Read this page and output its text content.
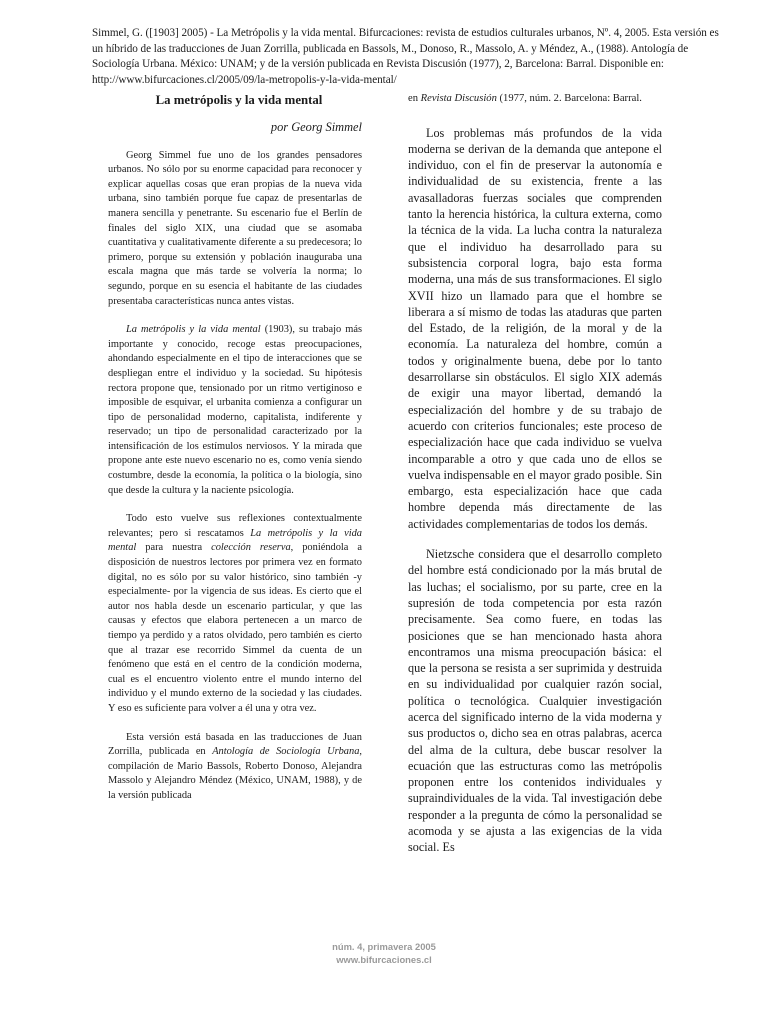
Simmel, G. ([1903] 2005) - La Metrópolis y la vida mental. Bifurcaciones: revista de estudios culturales urbanos, Nº. 4, 2005. Esta versión es un híbrido de las traducciones de Juan Zorrilla, publicada en Bassols, M., Donoso, R., Massolo, A. y Méndez, A., (1988). Antología de Sociología Urbana. México: UNAM; y de la versión publicada en Revista Discusión (1977), 2, Barcelona: Barral. Disponible en: http://www.bifurcaciones.cl/2005/09/la-metropolis-y-la-vida-mental/
La metrópolis y la vida mental
por Georg Simmel

Georg Simmel fue uno de los grandes pensadores urbanos. No sólo por su enorme capacidad para reconocer y explicar aquellas cosas que eran propias de la nueva vida urbana, sino también porque fue capaz de presentarlas de manera sencilla y penetrante. Su escenario fue el Berlín de finales del siglo XIX, una ciudad que se asomaba cuantitativa y cualitativamente diferente a su predecesora; lo primero, porque su extensión y población inauguraba una escala magna que más tarde se volvería la norma; lo segundo, porque en su esencia el habitante de las ciudades presentaba características nunca antes vistas.

La metrópolis y la vida mental (1903), su trabajo más importante y conocido, recoge estas preocupaciones, ahondando especialmente en el tipo de interacciones que se despliegan entre el individuo y la sociedad. Su hipótesis rectora propone que, tensionado por un ritmo vertiginoso e imposible de esquivar, el urbanita comienza a configurar un tipo de personalidad moderno, capitalista, indiferente y reservado; un tipo de personalidad caracterizado por la intensificación de los estímulos nerviosos. Y la mirada que propone ante este nuevo escenario no es, como venía siendo costumbre, desde la economía, la política o la biología, sino que desde la cultura y la naciente psicología.

Todo esto vuelve sus reflexiones contextualmente relevantes; pero si rescatamos La metrópolis y la vida mental para nuestra colección reserva, poniéndola a disposición de nuestros lectores por primera vez en formato digital, no es sólo por su valor histórico, sino también -y especialmente- por la vigencia de sus ideas. Es cierto que el autor nos habla desde un escenario particular, y que las causas y efectos que elabora pertenecen a un marco de tiempo ya perdido y a ratos olvidado, pero también es cierto que al trazar ese recorrido Simmel da cuenta de un fenómeno que está en el centro de la condición moderna, cual es el encuentro violento entre el mundo interno del individuo y el mundo externo de la sociedad y las ciudades. Y eso es suficiente para volver a él una y otra vez.

Esta versión está basada en las traducciones de Juan Zorrilla, publicada en Antología de Sociología Urbana, compilación de Mario Bassols, Roberto Donoso, Alejandra Massolo y Alejandro Méndez (México, UNAM, 1988), y de la versión publicada

en Revista Discusión (1977, núm. 2. Barcelona: Barral.

Los problemas más profundos de la vida moderna se derivan de la demanda que antepone el individuo, con el fin de preservar la autonomía e individualidad de su existencia, frente a las avasalladoras fuerzas sociales que comprenden tanto la herencia histórica, la cultura externa, como la técnica de la vida. La lucha contra la naturaleza que el individuo ha desarrollado para su subsistencia corporal logra, bajo esta forma moderna, una más de sus transformaciones. El siglo XVII hizo un llamado para que el hombre se liberara a sí mismo de todas las ataduras que parten del Estado, de la religión, de la moral y de la economía. La naturaleza del hombre, común a todos y originalmente buena, debe por lo tanto desarrollarse sin obstáculos. El siglo XIX además de exigir una mayor libertad, demandó la especialización del hombre y de su trabajo de acuerdo con criterios funcionales; este proceso de especialización hace que cada individuo se vuelva incomparable a otro y que cada uno de ellos se vuelva indispensable en el mayor grado posible. Sin embargo, esta especialización hace que cada hombre dependa más directamente de las actividades complementarias de todos los demás.

Nietzsche considera que el desarrollo completo del hombre está condicionado por la más brutal de las luchas; el socialismo, por su parte, cree en la supresión de toda competencia por esta razón precisamente. Sea como fuere, en todas las posiciones que se han mencionado hasta ahora encontramos una misma preocupación básica: el que la persona se resista a ser suprimida y destruida en su individualidad por cualquier razón social, política o tecnológica. Cualquier investigación acerca del significado interno de la vida moderna y sus productos o, dicho sea en otras palabras, acerca del alma de la cultura, debe buscar resolver la ecuación que las estructuras como las metrópolis proponen entre los contenidos individuales y supraindividuales de la vida. Tal investigación debe responder a la pregunta de cómo la personalidad se acomoda y se ajusta a las exigencias de la vida social. Es

núm. 4, primavera 2005
www.bifurcaciones.cl
